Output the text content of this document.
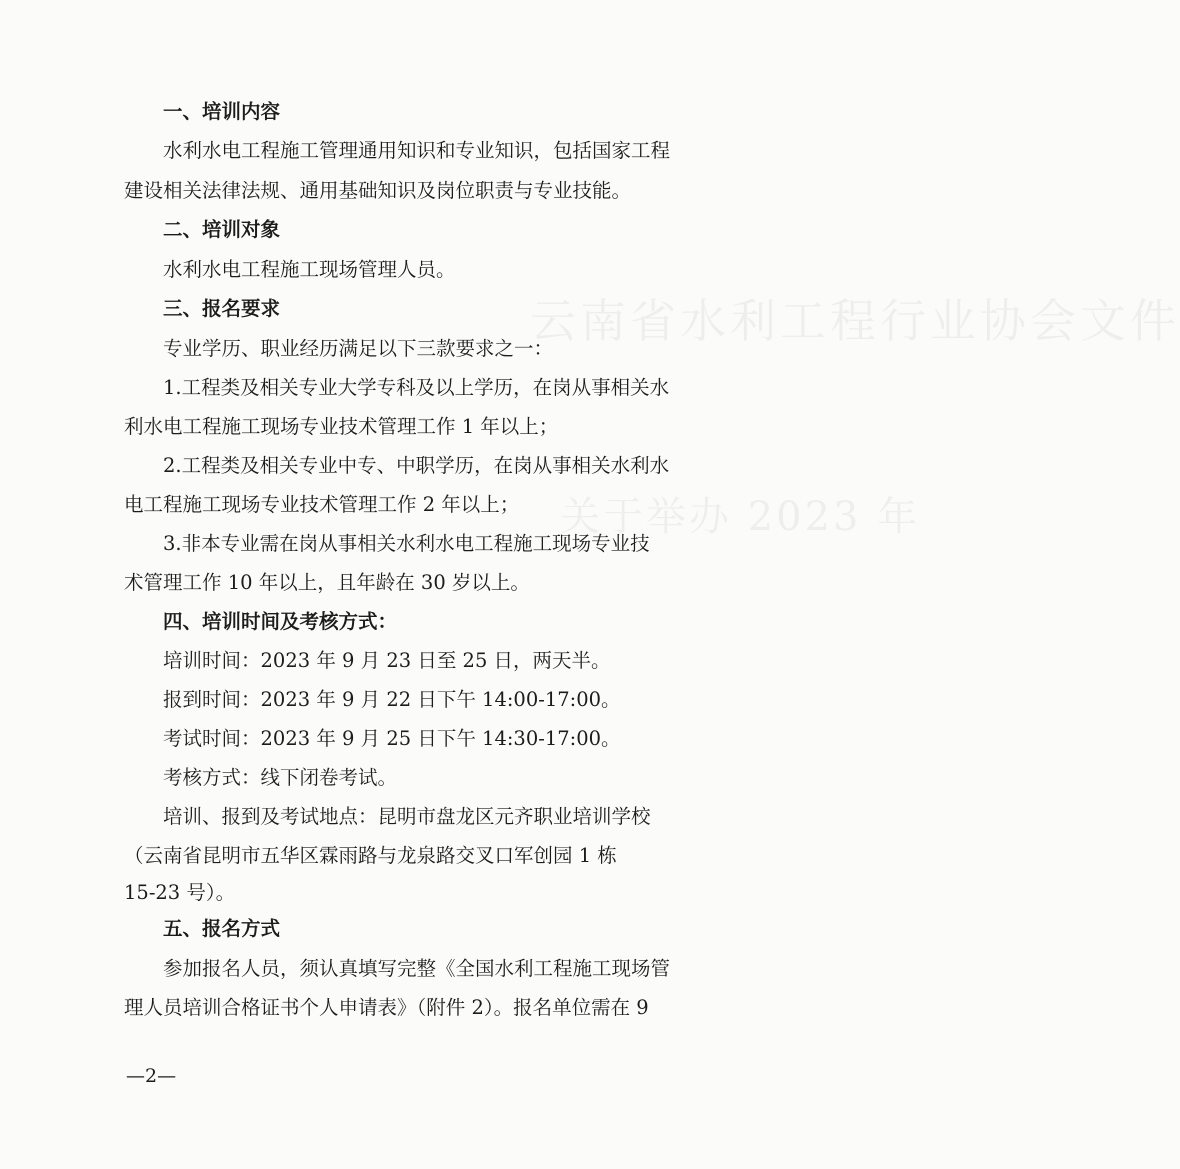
云南省水利工程行业协会文件
关于举办 2023 年
一、培训内容
水利水电工程施工管理通用知识和专业知识，包括国家工程
建设相关法律法规、通用基础知识及岗位职责与专业技能。
二、培训对象
水利水电工程施工现场管理人员。
三、报名要求
专业学历、职业经历满足以下三款要求之一：
1.工程类及相关专业大学专科及以上学历，在岗从事相关水
利水电工程施工现场专业技术管理工作 1 年以上；
2.工程类及相关专业中专、中职学历，在岗从事相关水利水
电工程施工现场专业技术管理工作 2 年以上；
3.非本专业需在岗从事相关水利水电工程施工现场专业技
术管理工作 10 年以上，且年龄在 30 岁以上。
四、培训时间及考核方式：
培训时间：2023 年 9 月 23 日至 25 日，两天半。
报到时间：2023 年 9 月 22 日下午 14:00-17:00。
考试时间：2023 年 9 月 25 日下午 14:30-17:00。
考核方式：线下闭卷考试。
培训、报到及考试地点：昆明市盘龙区元齐职业培训学校
（云南省昆明市五华区霖雨路与龙泉路交叉口军创园 1 栋
15-23 号）。
五、报名方式
参加报名人员，须认真填写完整《全国水利工程施工现场管
理人员培训合格证书个人申请表》（附件 2）。报名单位需在 9
—2—
